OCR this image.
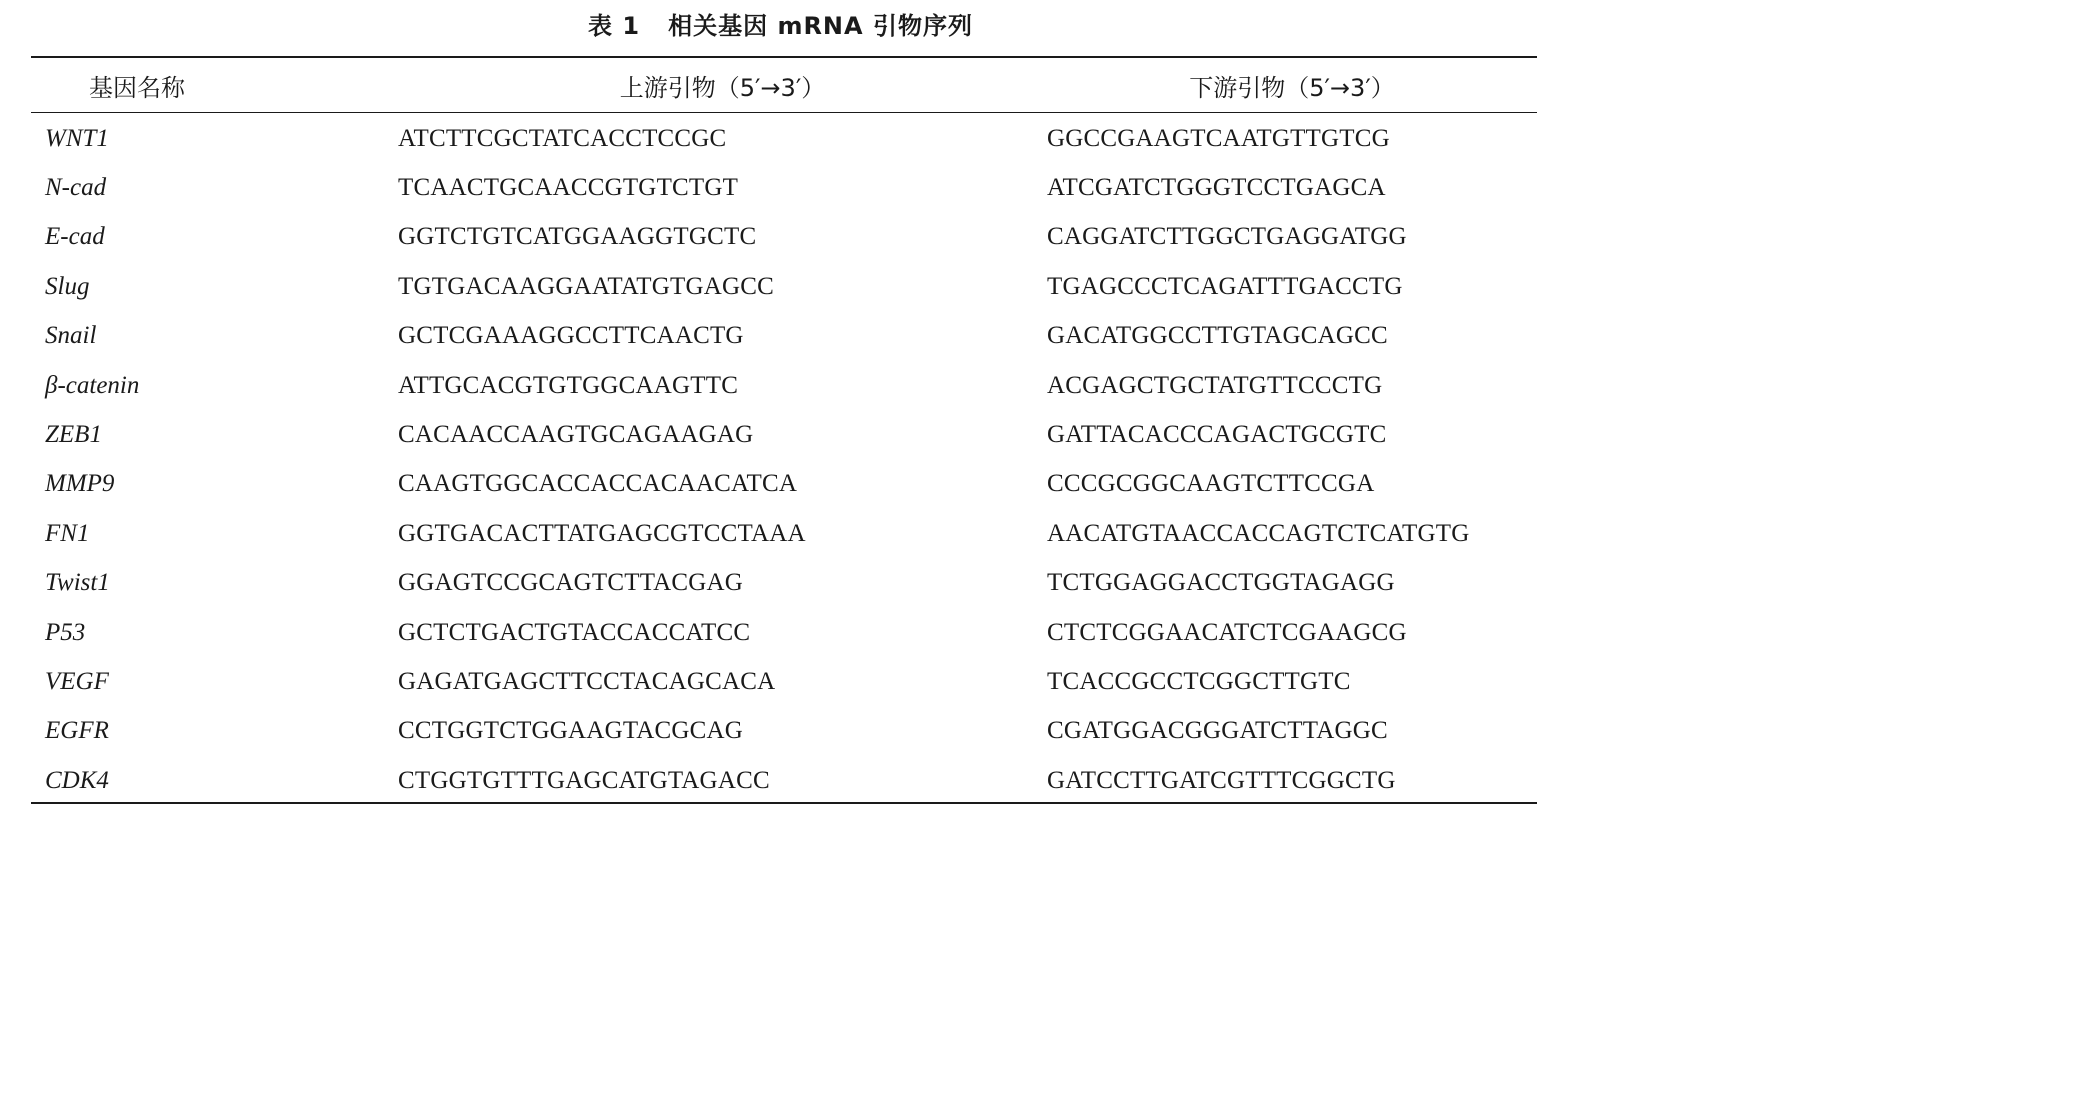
表 1 相关基因 mRNA 引物序列
基因名称	上游引物（5′→3′）	下游引物（5′→3′）
WNT1	ATCTTCGCTATCACCTCCGC	GGCCGAAGTCAATGTTGTCG
N-cad	TCAACTGCAACCGTGTCTGT	ATCGATCTGGGTCCTGAGCA
E-cad	GGTCTGTCATGGAAGGTGCTC	CAGGATCTTGGCTGAGGATGG
Slug	TGTGACAAGGAATATGTGAGCC	TGAGCCCTCAGATTTGACCTG
Snail	GCTCGAAAGGCCTTCAACTG	GACATGGCCTTGTAGCAGCC
β-catenin	ATTGCACGTGTGGCAAGTTC	ACGAGCTGCTATGTTCCCTG
ZEB1	CACAACCAAGTGCAGAAGAG	GATTACACCCAGACTGCGTC
MMP9	CAAGTGGCACCACCACAACATCA	CCCGCGGCAAGTCTTCCGA
FN1	GGTGACACTTATGAGCGTCCTAAA	AACATGTAACCACCAGTCTCATGTG
Twist1	GGAGTCCGCAGTCTTACGAG	TCTGGAGGACCTGGTAGAGG
P53	GCTCTGACTGTACCACCATCC	CTCTCGGAACATCTCGAAGCG
VEGF	GAGATGAGCTTCCTACAGCACA	TCACCGCCTCGGCTTGTC
EGFR	CCTGGTCTGGAAGTACGCAG	CGATGGACGGGATCTTAGGC
CDK4	CTGGTGTTTGAGCATGTAGACC	GATCCTTGATCGTTTCGGCTG
